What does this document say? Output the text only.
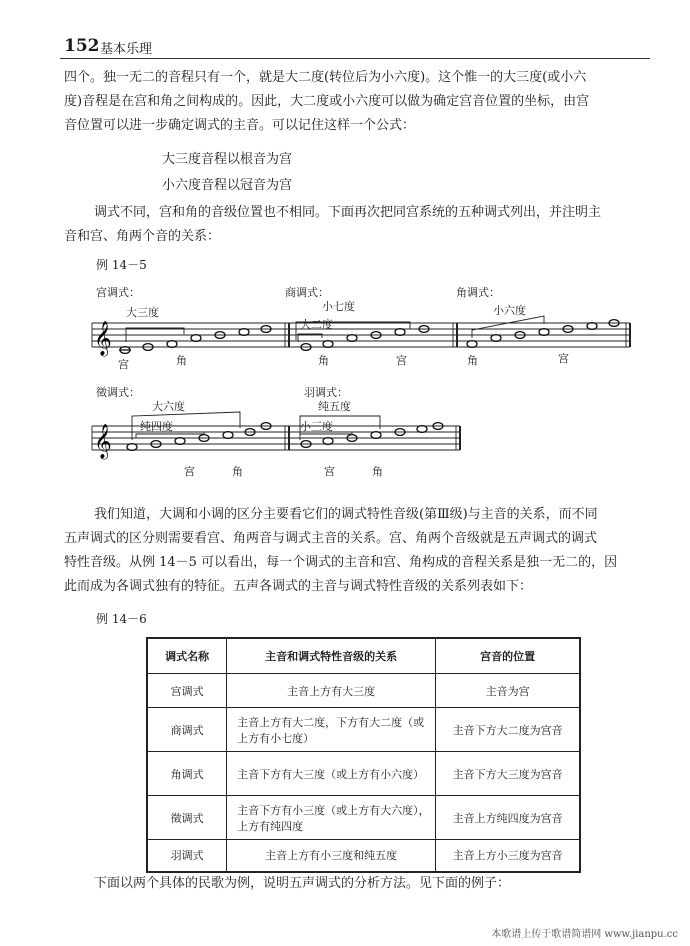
152 基本乐理
四个。独一无二的音程只有一个，就是大二度(转位后为小六度)。这个惟一的大三度(或小六
度)音程是在宫和角之间构成的。因此，大二度或小六度可以做为确定宫音位置的坐标，由宫
音位置可以进一步确定调式的主音。可以记住这样一个公式：
大三度音程以根音为宫
小六度音程以冠音为宫
调式不同，宫和角的音级位置也不相同。下面再次把同宫系统的五种调式列出，并注明主
音和宫、角两个音的关系：
例 14－5
𝄞
𝄞
宫调式：
大三度
宫	角
商调式：
小七度
大二度
角	宫
角调式：
小六度
角	宫
徵调式：
大六度
纯四度
宫	角
羽调式：
纯五度
小三度
宫	角
我们知道，大调和小调的区分主要看它们的调式特性音级(第Ⅲ级)与主音的关系，而不同
五声调式的区分则需要看宫、角两音与调式主音的关系。宫、角两个音级就是五声调式的调式
特性音级。从例 14－5 可以看出，每一个调式的主音和宫、角构成的音程关系是独一无二的，因
此而成为各调式独有的特征。五声各调式的主音与调式特性音级的关系列表如下：
例 14－6
调式名称	主音和调式特性音级的关系	宫音的位置
宫调式	主音上方有大三度	主音为宫
商调式	主音上方有大二度，下方有大二度（或上方有小七度）	主音下方大二度为宫音
角调式	主音下方有大三度（或上方有小六度）	主音下方大三度为宫音
徵调式	主音下方有小三度（或上方有大六度），上方有纯四度	主音上方纯四度为宫音
羽调式	主音上方有小三度和纯五度	主音上方小三度为宫音
下面以两个具体的民歌为例，说明五声调式的分析方法。见下面的例子：
本歌谱上传于歌谱简谱网 www.jianpu.cc
